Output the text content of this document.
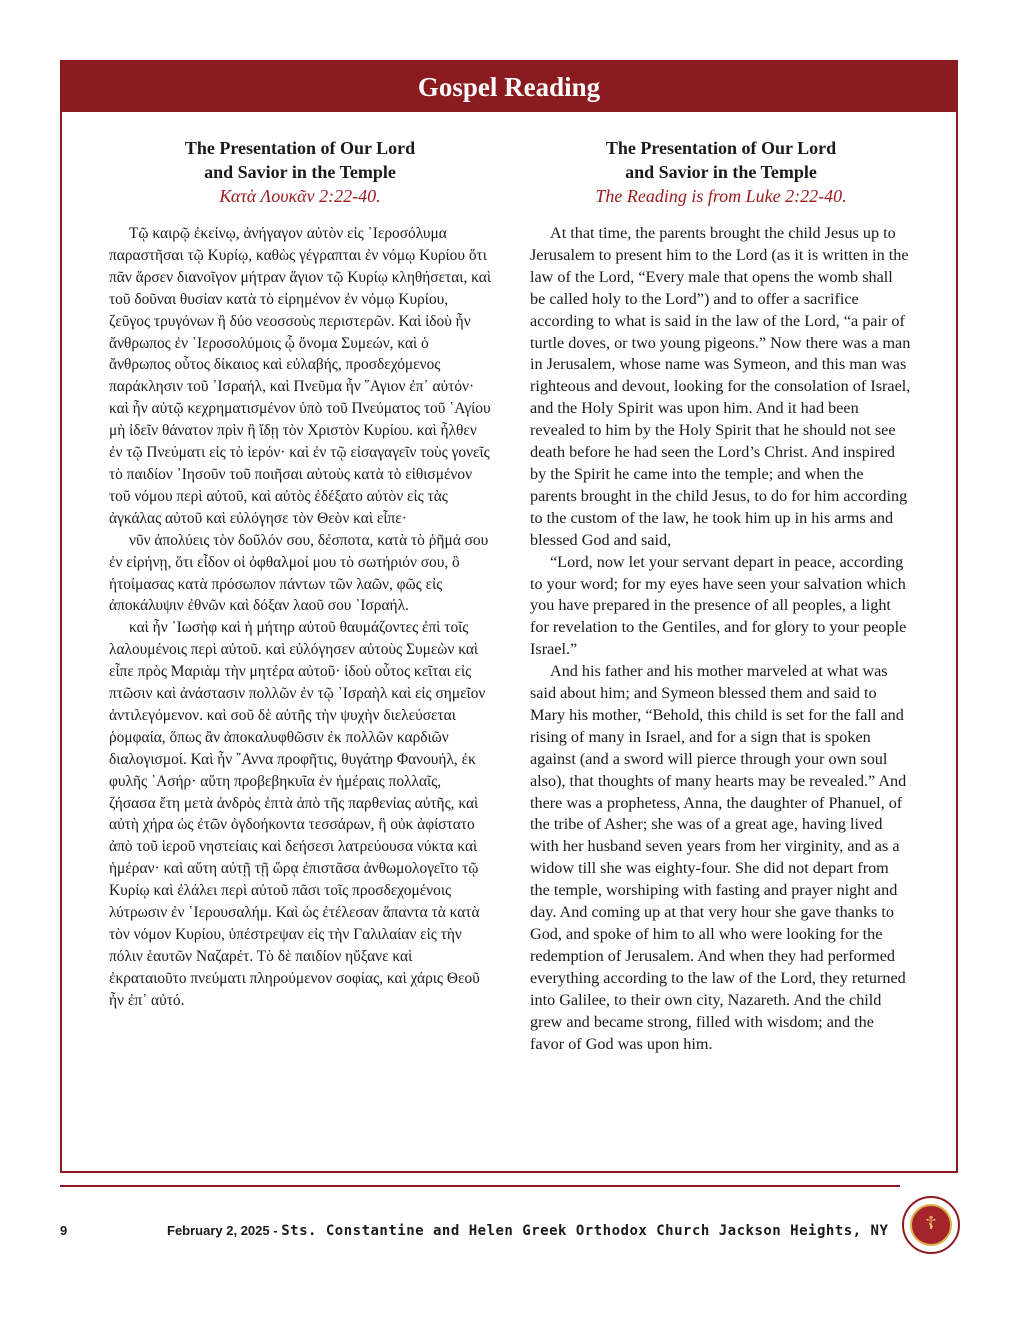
Gospel Reading
The Presentation of Our Lord
and Savior in the Temple
Κατὰ Λουκᾶν 2:22-40.

Τῷ καιρῷ ἐκείνῳ, ἀνήγαγον αὐτὸν εἰς ῾Ιεροσόλυμα παραστῆσαι τῷ Κυρίῳ, καθὼς γέγραπται ἐν νόμῳ Κυρίου ὅτι πᾶν ἄρσεν διανοῖγον μήτραν ἅγιον τῷ Κυρίῳ κληθήσεται, καὶ τοῦ δοῦναι θυσίαν κατὰ τὸ εἰρημένον ἐν νόμῳ Κυρίου, ζεῦγος τρυγόνων ἢ δύο νεοσσοὺς περιστερῶν. Καὶ ἰδοὺ ἦν ἄνθρωπος ἐν ῾Ιεροσολύμοις ᾧ ὄνομα Συμεών, καὶ ὁ ἄνθρωπος οὗτος δίκαιος καὶ εὐλαβής, προσδεχόμενος παράκλησιν τοῦ ᾿Ισραήλ, καὶ Πνεῦμα ἦν ῞Αγιον ἐπ᾿ αὐτόν· καὶ ἦν αὐτῷ κεχρηματισμένον ὑπὸ τοῦ Πνεύματος τοῦ ῾Αγίου μὴ ἰδεῖν θάνατον πρὶν ἢ ἴδῃ τὸν Χριστὸν Κυρίου. καὶ ἦλθεν ἐν τῷ Πνεύματι εἰς τὸ ἱερόν· καὶ ἐν τῷ εἰσαγαγεῖν τοὺς γονεῖς τὸ παιδίον ᾿Ιησοῦν τοῦ ποιῆσαι αὐτοὺς κατὰ τὸ εἰθισμένον τοῦ νόμου περὶ αὐτοῦ, καὶ αὐτὸς ἐδέξατο αὐτὸν εἰς τὰς ἀγκάλας αὐτοῦ καὶ εὐλόγησε τὸν Θεὸν καὶ εἶπε·

νῦν ἀπολύεις τὸν δοῦλόν σου, δέσποτα, κατὰ τὸ ῥῆμά σου ἐν εἰρήνῃ, ὅτι εἶδον οἱ ὀφθαλμοί μου τὸ σωτήριόν σου, ὃ ἡτοίμασας κατὰ πρόσωπον πάντων τῶν λαῶν, φῶς εἰς ἀποκάλυψιν ἐθνῶν καὶ δόξαν λαοῦ σου ᾿Ισραήλ.

καὶ ἦν ᾿Ιωσὴφ καὶ ἡ μήτηρ αὐτοῦ θαυμάζοντες ἐπὶ τοῖς λαλουμένοις περὶ αὐτοῦ. καὶ εὐλόγησεν αὐτοὺς Συμεὼν καὶ εἶπε πρὸς Μαριὰμ τὴν μητέρα αὐτοῦ· ἰδοὺ οὗτος κεῖται εἰς πτῶσιν καὶ ἀνάστασιν πολλῶν ἐν τῷ ᾿Ισραὴλ καὶ εἰς σημεῖον ἀντιλεγόμενον. καὶ σοῦ δὲ αὐτῆς τὴν ψυχὴν διελεύσεται ῥομφαία, ὅπως ἂν ἀποκαλυφθῶσιν ἐκ πολλῶν καρδιῶν διαλογισμοί. Καὶ ἦν ῎Αννα προφῆτις, θυγάτηρ Φανουήλ, ἐκ φυλῆς ᾿Ασήρ· αὕτη προβεβηκυῖα ἐν ἡμέραις πολλαῖς, ζήσασα ἔτη μετὰ ἀνδρὸς ἑπτὰ ἀπὸ τῆς παρθενίας αὐτῆς, καὶ αὐτὴ χήρα ὡς ἐτῶν ὀγδοήκοντα τεσσάρων, ἣ οὐκ ἀφίστατο ἀπὸ τοῦ ἱεροῦ νηστείαις καὶ δεήσεσι λατρεύουσα νύκτα καὶ ἡμέραν· καὶ αὕτη αὐτῇ τῇ ὥρᾳ ἐπιστᾶσα ἀνθωμολογεῖτο τῷ Κυρίῳ καὶ ἐλάλει περὶ αὐτοῦ πᾶσι τοῖς προσδεχομένοις λύτρωσιν ἐν ῾Ιερουσαλήμ. Καὶ ὡς ἐτέλεσαν ἅπαντα τὰ κατὰ τὸν νόμον Κυρίου, ὑπέστρεψαν εἰς τὴν Γαλιλαίαν εἰς τὴν πόλιν ἑαυτῶν Ναζαρέτ. Τὸ δὲ παιδίον ηὔξανε καὶ ἐκραταιοῦτο πνεύματι πληρούμενον σοφίας, καὶ χάρις Θεοῦ ἦν ἐπ᾿ αὐτό.

The Presentation of Our Lord
and Savior in the Temple
The Reading is from Luke 2:22-40.

At that time, the parents brought the child Jesus up to Jerusalem to present him to the Lord (as it is written in the law of the Lord, “Every male that opens the womb shall be called holy to the Lord”) and to offer a sacrifice according to what is said in the law of the Lord, “a pair of turtle doves, or two young pigeons.” Now there was a man in Jerusalem, whose name was Symeon, and this man was righteous and devout, looking for the consolation of Israel, and the Holy Spirit was upon him. And it had been revealed to him by the Holy Spirit that he should not see death before he had seen the Lord’s Christ. And inspired by the Spirit he came into the temple; and when the parents brought in the child Jesus, to do for him according to the custom of the law, he took him up in his arms and blessed God and said,

“Lord, now let your servant depart in peace, according to your word; for my eyes have seen your salvation which you have prepared in the presence of all peoples, a light for revelation to the Gentiles, and for glory to your people Israel.”

And his father and his mother marveled at what was said about him; and Symeon blessed them and said to Mary his mother, “Behold, this child is set for the fall and rising of many in Israel, and for a sign that is spoken against (and a sword will pierce through your own soul also), that thoughts of many hearts may be revealed.” And there was a prophetess, Anna, the daughter of Phanuel, of the tribe of Asher; she was of a great age, having lived with her husband seven years from her virginity, and as a widow till she was eighty-four. She did not depart from the temple, worshiping with fasting and prayer night and day. And coming up at that very hour she gave thanks to God, and spoke of him to all who were looking for the redemption of Jerusalem. And when they had performed everything according to the law of the Lord, they returned into Galilee, to their own city, Nazareth. And the child grew and became strong, filled with wisdom; and the favor of God was upon him.

9	February 2, 2025 - Sts. Constantine and Helen Greek Orthodox Church Jackson Heights, NY	☦
